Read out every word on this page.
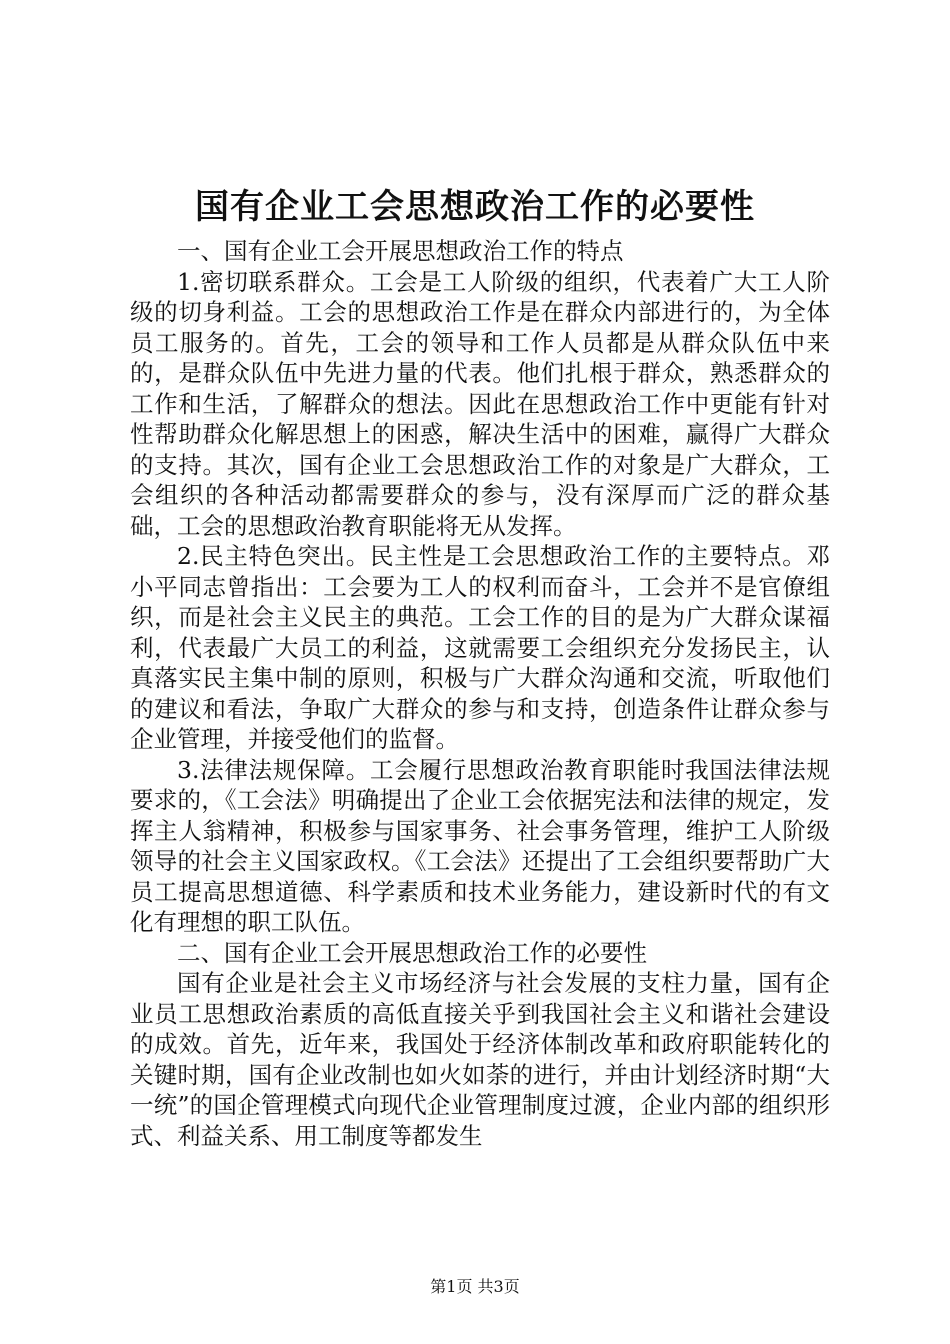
国有企业工会思想政治工作的必要性

一、国有企业工会开展思想政治工作的特点

1.密切联系群众。工会是工人阶级的组织，代表着广大工人阶级的切身利益。工会的思想政治工作是在群众内部进行的，为全体员工服务的。首先，工会的领导和工作人员都是从群众队伍中来的，是群众队伍中先进力量的代表。他们扎根于群众，熟悉群众的工作和生活，了解群众的想法。因此在思想政治工作中更能有针对性帮助群众化解思想上的困惑，解决生活中的困难，赢得广大群众的支持。其次，国有企业工会思想政治工作的对象是广大群众，工会组织的各种活动都需要群众的参与，没有深厚而广泛的群众基础，工会的思想政治教育职能将无从发挥。

2.民主特色突出。民主性是工会思想政治工作的主要特点。邓小平同志曾指出：工会要为工人的权利而奋斗，工会并不是官僚组织，而是社会主义民主的典范。工会工作的目的是为广大群众谋福利，代表最广大员工的利益，这就需要工会组织充分发扬民主，认真落实民主集中制的原则，积极与广大群众沟通和交流，听取他们的建议和看法，争取广大群众的参与和支持，创造条件让群众参与企业管理，并接受他们的监督。

3.法律法规保障。工会履行思想政治教育职能时我国法律法规要求的，《工会法》明确提出了企业工会依据宪法和法律的规定，发挥主人翁精神，积极参与国家事务、社会事务管理，维护工人阶级领导的社会主义国家政权。《工会法》还提出了工会组织要帮助广大员工提高思想道德、科学素质和技术业务能力，建设新时代的有文化有理想的职工队伍。

二、国有企业工会开展思想政治工作的必要性

国有企业是社会主义市场经济与社会发展的支柱力量，国有企业员工思想政治素质的高低直接关乎到我国社会主义和谐社会建设的成效。首先，近年来，我国处于经济体制改革和政府职能转化的关键时期，国有企业改制也如火如荼的进行，并由计划经济时期“大一统”的国企管理模式向现代企业管理制度过渡，企业内部的组织形式、利益关系、用工制度等都发生

第1页 共3页
